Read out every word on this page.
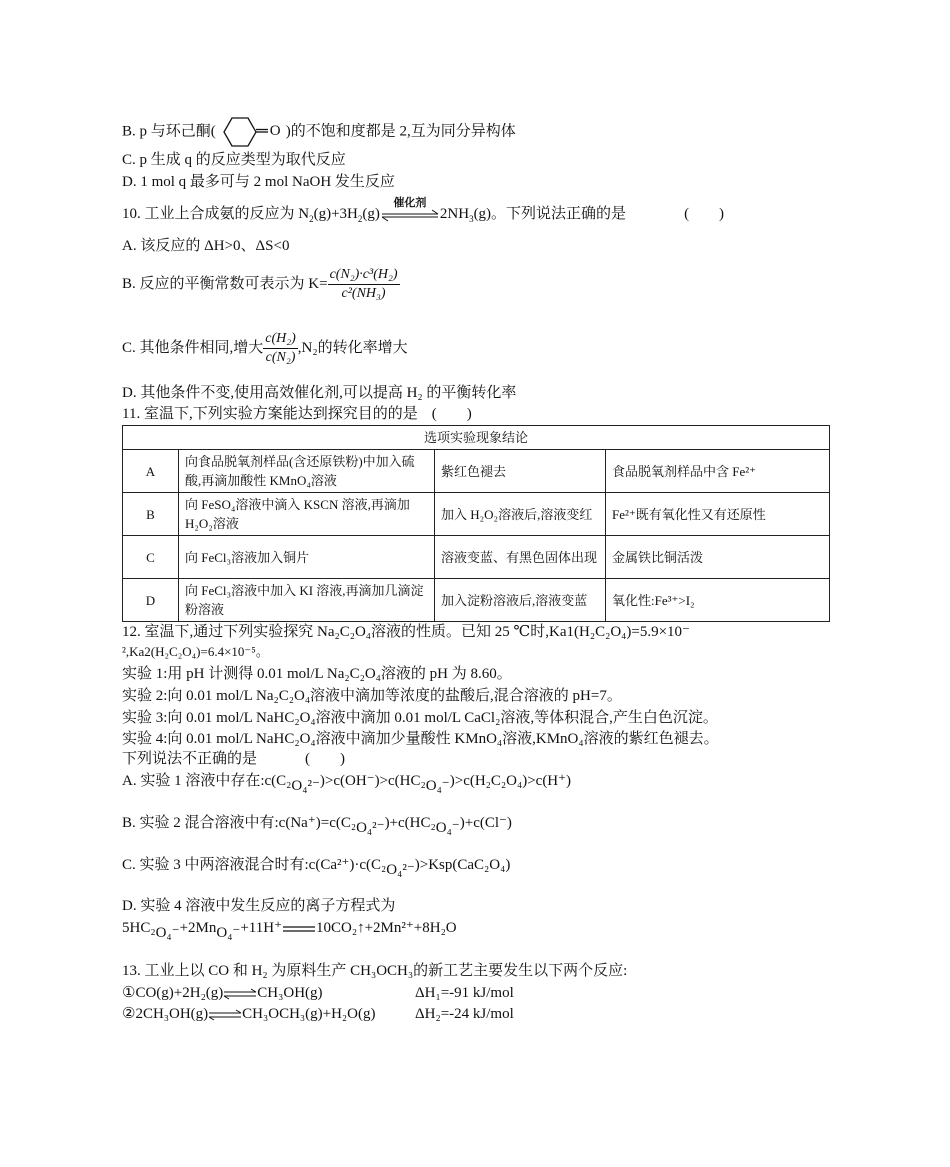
B. p 与环己酮(	O )的不饱和度都是 2,互为同分异构体
C. p 生成 q 的反应类型为取代反应
D. 1 mol q 最多可与 2 mol NaOH 发生反应
10. 工业上合成氨的反应为 $N_2(g)+3H_2(g)$
催化剂
$2NH_3(g)$。下列说法正确的是	(　　)
A. 该反应的 ΔH>0、ΔS<0
B. 反应的平衡常数可表示为 $K= \frac{\text{c(N₂)·c³(H₂)}}{\text{c²(NH₃)}}$
C. 其他条件相同,增大 $\frac{\text{c(H₂)}}{\text{c(N₂)}} ,N_2$的转化率增大
D. 其他条件不变,使用高效催化剂,可以提高 H₂ 的平衡转化率
11. 室温下,下列实验方案能达到探究目的的是 (　　)
选项实验现象结论			
A	向食品脱氧剂样品(含还原铁粉)中加入硫酸,再滴加酸性 KMnO₄溶液	紫红色褪去	食品脱氧剂样品中含 Fe²⁺
B	向 FeSO₄溶液中滴入 KSCN 溶液,再滴加 H₂O₂溶液	加入 H₂O₂溶液后,溶液变红	Fe²⁺既有氧化性又有还原性
C	向 FeCl₃溶液加入铜片	溶液变蓝、有黑色固体出现	金属铁比铜活泼
D	向 FeCl₃溶液中加入 KI 溶液,再滴加几滴淀粉溶液	加入淀粉溶液后,溶液变蓝	氧化性:Fe³⁺>I₂
12. 室温下,通过下列实验探究 Na₂C₂O₄溶液的性质。已知 25 ℃时,Ka1(H₂C₂O₄)=5.9×10⁻
²,Ka2(H₂C₂O₄)=6.4×10⁻⁵。
实验 1:用 pH 计测得 0.01 mol/L Na₂C₂O₄溶液的 pH 为 8.60。
实验 2:向 0.01 mol/L Na₂C₂O₄溶液中滴加等浓度的盐酸后,混合溶液的 pH=7。
实验 3:向 0.01 mol/L NaHC₂O₄溶液中滴加 0.01 mol/L CaCl₂溶液,等体积混合,产生白色沉淀。
实验 4:向 0.01 mol/L NaHC₂O₄溶液中滴加少量酸性 KMnO₄溶液,KMnO₄溶液的紫红色褪去。
下列说法不正确的是	(　　)
A. 实验 1 溶液中存在:c(C₂O₄²⁻)>c(OH⁻)>c(HC₂O₄⁻)>c(H₂C₂O₄)>c(H⁺)
B. 实验 2 混合溶液中有:c(Na⁺)=c(C₂O₄²⁻)+c(HC₂O₄⁻)+c(Cl⁻)
C. 实验 3 中两溶液混合时有:c(Ca²⁺)·c(C₂O₄²⁻)>Ksp(CaC₂O₄)
D. 实验 4 溶液中发生反应的离子方程式为
5HC₂O₄⁻+2MnO₄⁻+11H⁺ 10CO₂↑+2Mn²⁺+8H₂O
13. 工业上以 CO 和 H₂ 为原料生产 CH₃OCH₃的新工艺主要发生以下两个反应:
①CO(g)+2H₂(g)⇌CH₃OH(g)	ΔH₁=-91 kJ/mol
②2CH₃OH(g)⇌CH₃OCH₃(g)+H₂O(g)	ΔH₂=-24 kJ/mol
